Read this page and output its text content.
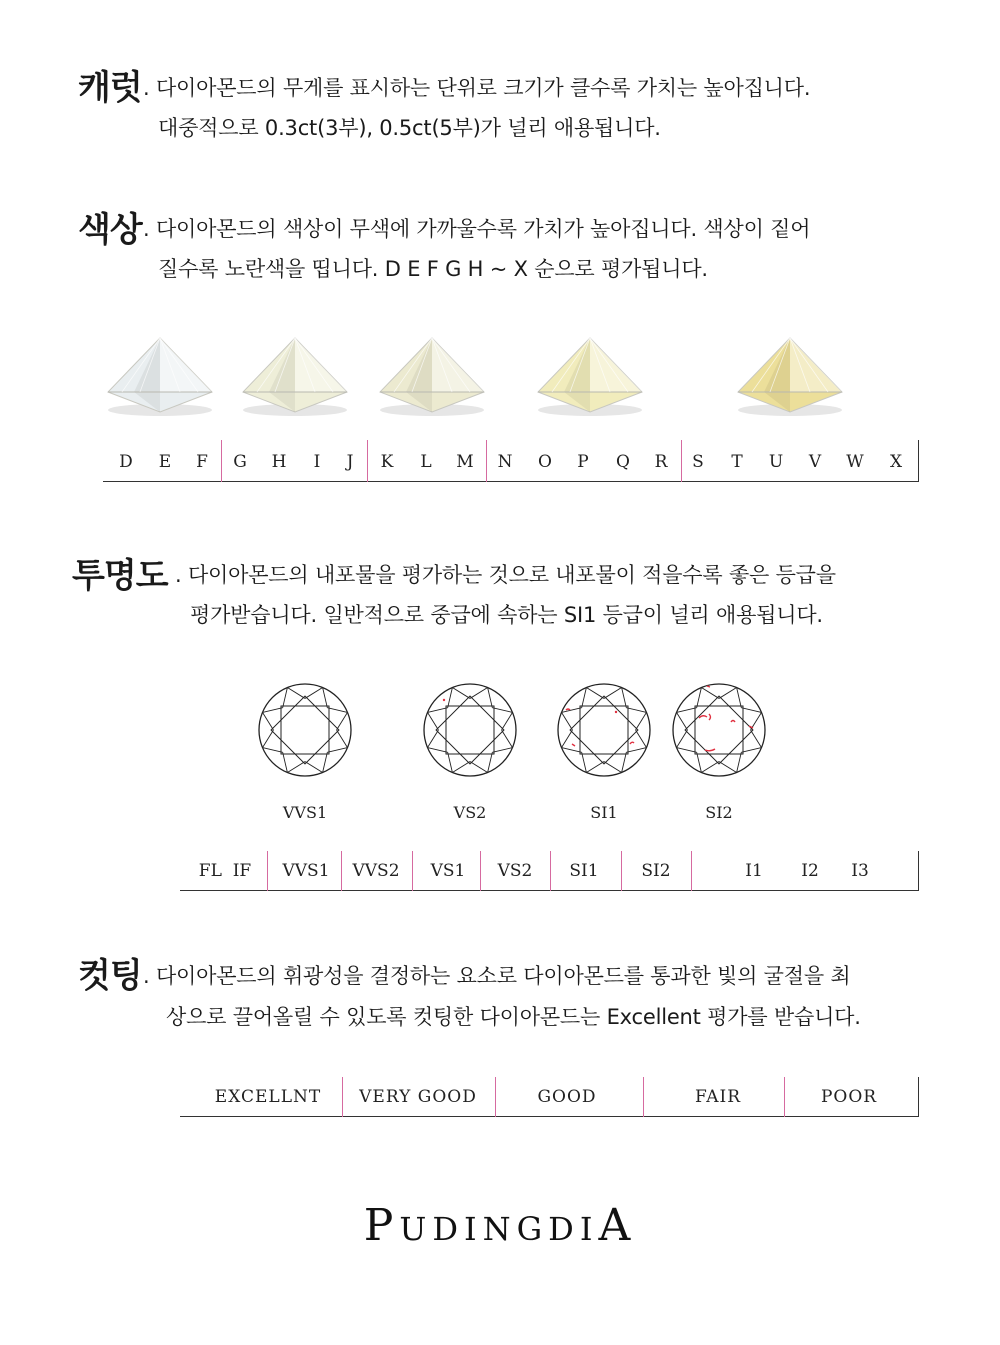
캐럿 . 다이아몬드의 무게를 표시하는 단위로 크기가 클수록 가치는 높아집니다.
대중적으로 0.3ct(3부), 0.5ct(5부)가 널리 애용됩니다.
색상 . 다이아몬드의 색상이 무색에 가까울수록 가치가 높아집니다. 색상이 짙어
질수록 노란색을 띱니다. D E F G H ~ X 순으로 평가됩니다.
D E F G H I J K L M N O P Q R S T U V W X
투명도 . 다이아몬드의 내포물을 평가하는 것으로 내포물이 적을수록 좋은 등급을
평가받습니다. 일반적으로 중급에 속하는 SI1 등급이 널리 애용됩니다.
VVS1	VS2	SI1	SI2
FL  IF VVS1 VVS2 VS1 VS2 SI1	SI2	I1 I2 I3
컷팅 . 다이아몬드의 휘광성을 결정하는 요소로 다이아몬드를 통과한 빛의 굴절을 최
상으로 끌어올릴 수 있도록 컷팅한 다이아몬드는 Excellent 평가를 받습니다.
EXCELLNT VERY GOOD	GOOD	FAIR	POOR
PUDINGDIA
